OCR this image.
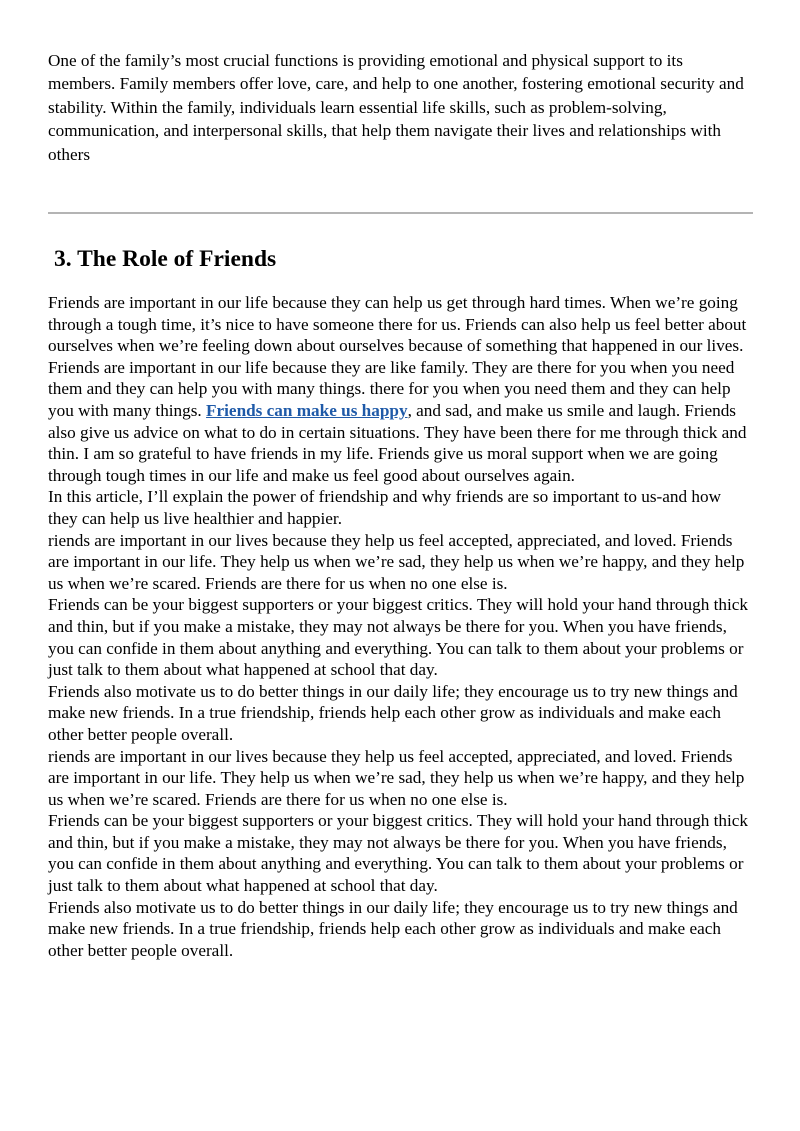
One of the family’s most crucial functions is providing emotional and physical support to its members. Family members offer love, care, and help to one another, fostering emotional security and stability. Within the family, individuals learn essential life skills, such as problem-solving, communication, and interpersonal skills, that help them navigate their lives and relationships with others

3. The Role of Friends

Friends are important in our life because they can help us get through hard times. When we’re going through a tough time, it’s nice to have someone there for us. Friends can also help us feel better about ourselves when we’re feeling down about ourselves because of something that happened in our lives. Friends are important in our life because they are like family. They are there for you when you need them and they can help you with many things. there for you when you need them and they can help you with many things. Friends can make us happy, and sad, and make us smile and laugh. Friends also give us advice on what to do in certain situations. They have been there for me through thick and thin. I am so grateful to have friends in my life. Friends give us moral support when we are going through tough times in our life and make us feel good about ourselves again.

In this article, I’ll explain the power of friendship and why friends are so important to us-and how they can help us live healthier and happier.

riends are important in our lives because they help us feel accepted, appreciated, and loved. Friends are important in our life. They help us when we’re sad, they help us when we’re happy, and they help us when we’re scared. Friends are there for us when no one else is.

Friends can be your biggest supporters or your biggest critics. They will hold your hand through thick and thin, but if you make a mistake, they may not always be there for you. When you have friends, you can confide in them about anything and everything. You can talk to them about your problems or just talk to them about what happened at school that day.

Friends also motivate us to do better things in our daily life; they encourage us to try new things and make new friends. In a true friendship, friends help each other grow as individuals and make each other better people overall.

riends are important in our lives because they help us feel accepted, appreciated, and loved. Friends are important in our life. They help us when we’re sad, they help us when we’re happy, and they help us when we’re scared. Friends are there for us when no one else is.

Friends can be your biggest supporters or your biggest critics. They will hold your hand through thick and thin, but if you make a mistake, they may not always be there for you. When you have friends, you can confide in them about anything and everything. You can talk to them about your problems or just talk to them about what happened at school that day.

Friends also motivate us to do better things in our daily life; they encourage us to try new things and make new friends. In a true friendship, friends help each other grow as individuals and make each other better people overall.
